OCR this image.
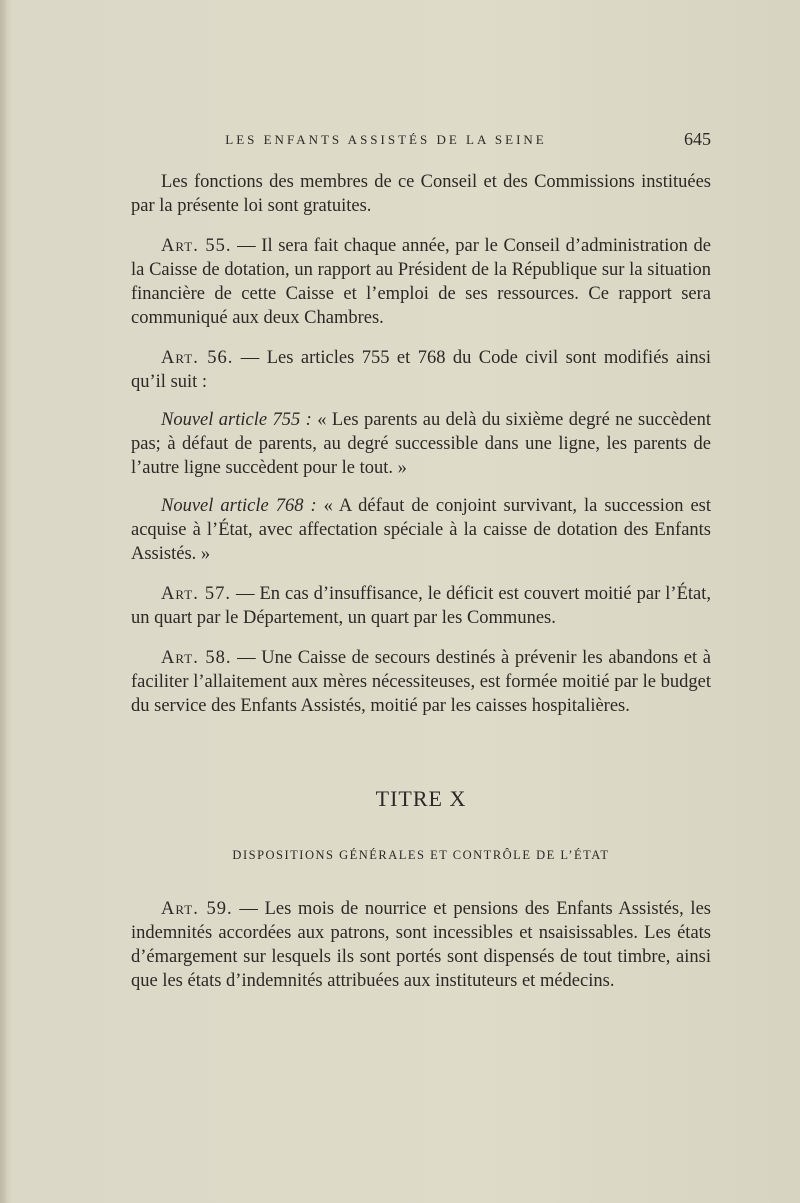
LES ENFANTS ASSISTÉS DE LA SEINE	645

Les fonctions des membres de ce Conseil et des Commissions instituées par la présente loi sont gratuites.

Art. 55. — Il sera fait chaque année, par le Conseil d’administration de la Caisse de dotation, un rapport au Président de la République sur la situation financière de cette Caisse et l’emploi de ses ressources. Ce rapport sera communiqué aux deux Chambres.

Art. 56. — Les articles 755 et 768 du Code civil sont modifiés ainsi qu’il suit :

Nouvel article 755 : « Les parents au delà du sixième degré ne succèdent pas; à défaut de parents, au degré successible dans une ligne, les parents de l’autre ligne succèdent pour le tout. »

Nouvel article 768 : « A défaut de conjoint survivant, la succession est acquise à l’État, avec affectation spéciale à la caisse de dotation des Enfants Assistés. »

Art. 57. — En cas d’insuffisance, le déficit est couvert moitié par l’État, un quart par le Département, un quart par les Communes.

Art. 58. — Une Caisse de secours destinés à prévenir les abandons et à faciliter l’allaitement aux mères nécessiteuses, est formée moitié par le budget du service des Enfants Assistés, moitié par les caisses hospitalières.

TITRE X
DISPOSITIONS GÉNÉRALES ET CONTRÔLE DE L’ÉTAT

Art. 59. — Les mois de nourrice et pensions des Enfants Assistés, les indemnités accordées aux patrons, sont incessibles et nsaisissables. Les états d’émargement sur lesquels ils sont portés sont dispensés de tout timbre, ainsi que les états d’indemnités attribuées aux instituteurs et médecins.
